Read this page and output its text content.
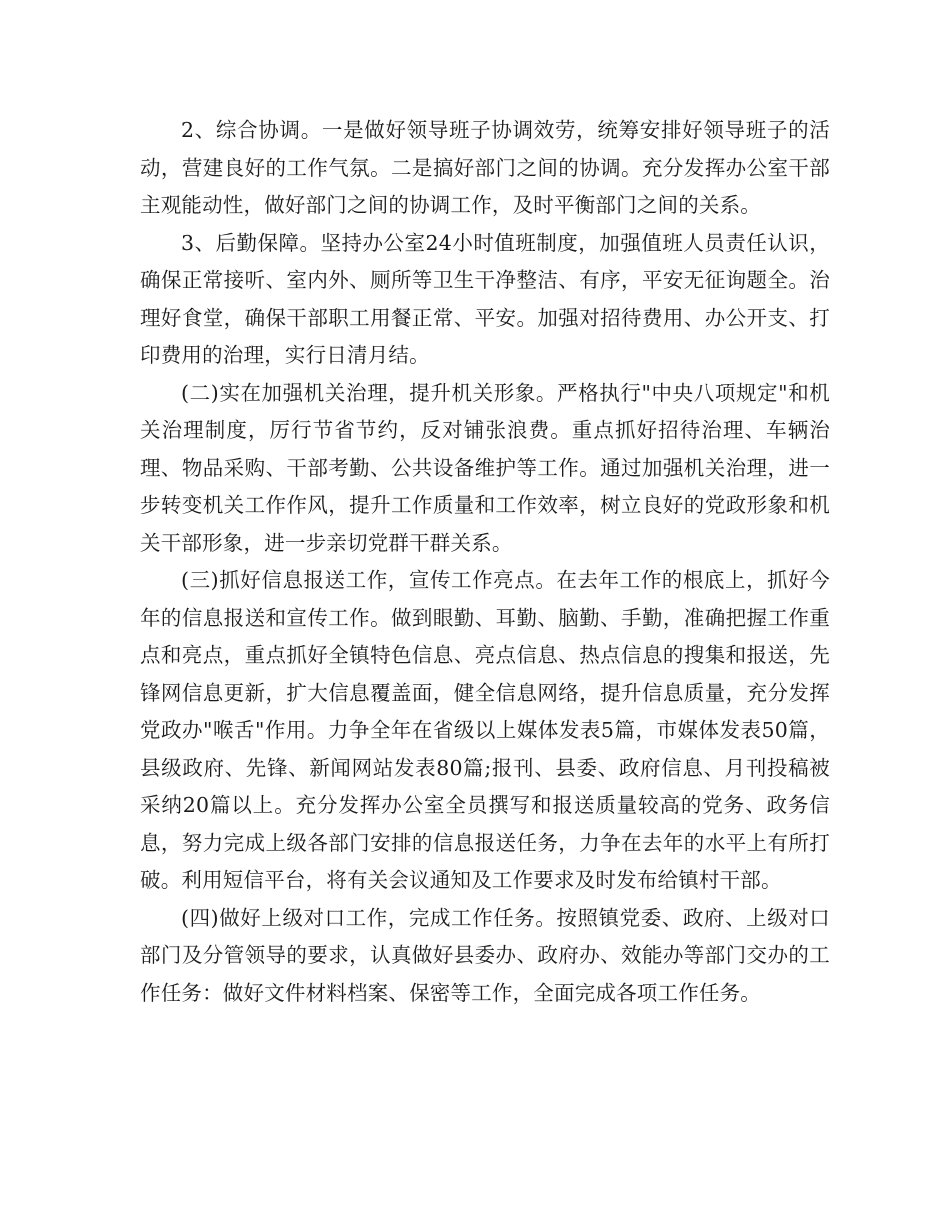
2、综合协调。一是做好领导班子协调效劳，统筹安排好领导班子的活动，营建良好的工作气氛。二是搞好部门之间的协调。充分发挥办公室干部主观能动性，做好部门之间的协调工作，及时平衡部门之间的关系。

3、后勤保障。坚持办公室24小时值班制度，加强值班人员责任认识，确保正常接听、室内外、厕所等卫生干净整洁、有序，平安无征询题全。治理好食堂，确保干部职工用餐正常、平安。加强对招待费用、办公开支、打印费用的治理，实行日清月结。

(二)实在加强机关治理，提升机关形象。严格执行"中央八项规定"和机关治理制度，厉行节省节约，反对铺张浪费。重点抓好招待治理、车辆治理、物品采购、干部考勤、公共设备维护等工作。通过加强机关治理，进一步转变机关工作作风，提升工作质量和工作效率，树立良好的党政形象和机关干部形象，进一步亲切党群干群关系。

(三)抓好信息报送工作，宣传工作亮点。在去年工作的根底上，抓好今年的信息报送和宣传工作。做到眼勤、耳勤、脑勤、手勤，准确把握工作重点和亮点，重点抓好全镇特色信息、亮点信息、热点信息的搜集和报送，先锋网信息更新，扩大信息覆盖面，健全信息网络，提升信息质量，充分发挥党政办"喉舌"作用。力争全年在省级以上媒体发表5篇，市媒体发表50篇，县级政府、先锋、新闻网站发表80篇;报刊、县委、政府信息、月刊投稿被采纳20篇以上。充分发挥办公室全员撰写和报送质量较高的党务、政务信息，努力完成上级各部门安排的信息报送任务，力争在去年的水平上有所打破。利用短信平台，将有关会议通知及工作要求及时发布给镇村干部。

(四)做好上级对口工作，完成工作任务。按照镇党委、政府、上级对口部门及分管领导的要求，认真做好县委办、政府办、效能办等部门交办的工作任务：做好文件材料档案、保密等工作，全面完成各项工作任务。
